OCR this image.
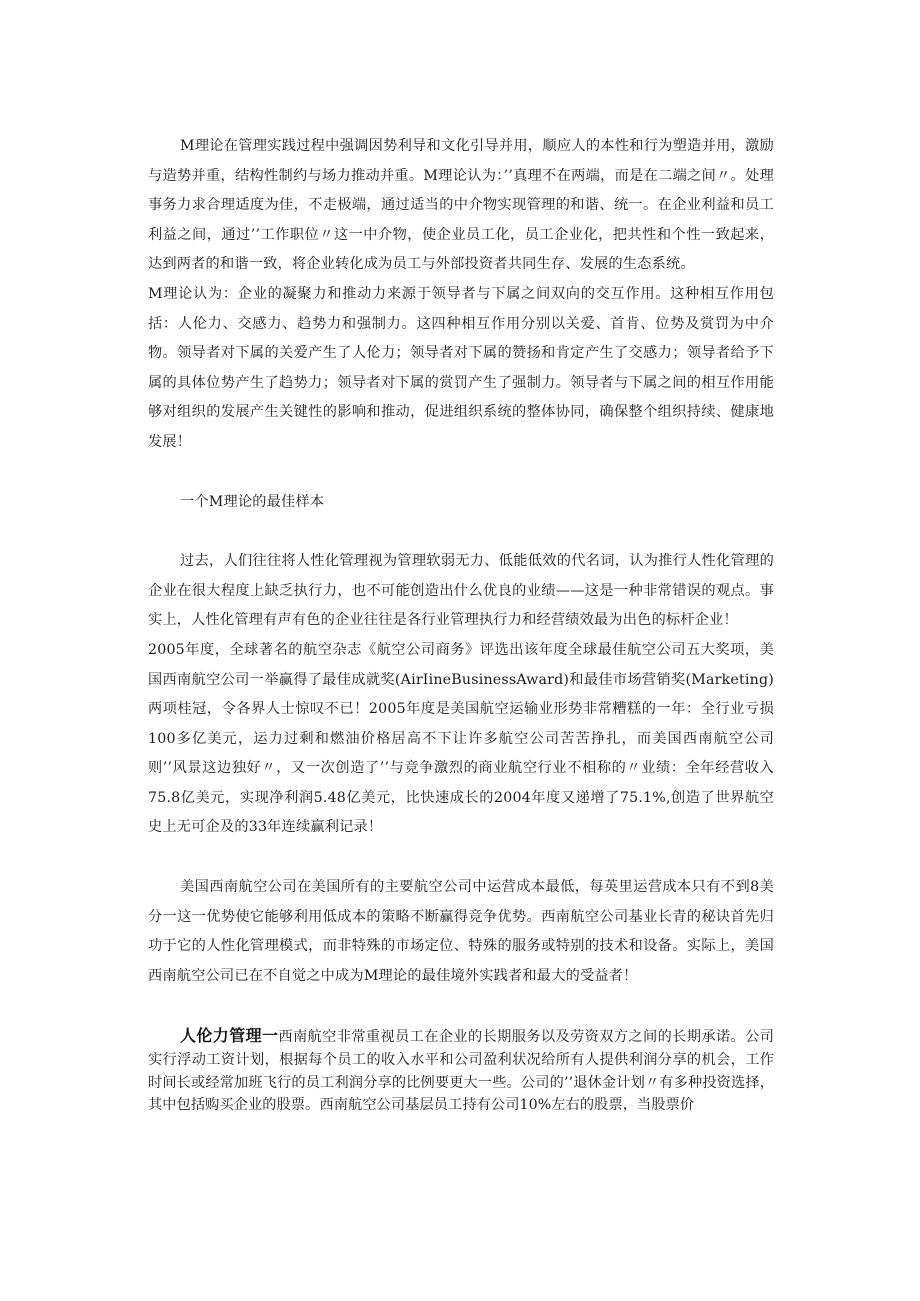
M理论在管理实践过程中强调因势利导和文化引导并用，顺应人的本性和行为塑造并用，激励与造势并重，结构性制约与场力推动并重。M理论认为：’’真理不在两端，而是在二端之间〃。处理事务力求合理适度为佳，不走极端，通过适当的中介物实现管理的和谐、统一。在企业利益和员工利益之间，通过’’工作职位〃这一中介物，使企业员工化，员工企业化，把共性和个性一致起来，达到两者的和谐一致，将企业转化成为员工与外部投资者共同生存、发展的生态系统。

M理论认为：企业的凝聚力和推动力来源于领导者与下属之间双向的交互作用。这种相互作用包括：人伦力、交感力、趋势力和强制力。这四种相互作用分别以关爱、首肯、位势及赏罚为中介物。领导者对下属的关爱产生了人伦力；领导者对下属的赞扬和肯定产生了交感力；领导者给予下属的具体位势产生了趋势力；领导者对下属的赏罚产生了强制力。领导者与下属之间的相互作用能够对组织的发展产生关键性的影响和推动，促进组织系统的整体协同，确保整个组织持续、健康地发展！

一个M理论的最佳样本

过去，人们往往将人性化管理视为管理软弱无力、低能低效的代名词，认为推行人性化管理的企业在很大程度上缺乏执行力，也不可能创造出什么优良的业绩——这是一种非常错误的观点。事实上，人性化管理有声有色的企业往往是各行业管理执行力和经营绩效最为出色的标杆企业！

2005年度，全球著名的航空杂志《航空公司商务》评选出该年度全球最佳航空公司五大奖项，美国西南航空公司一举赢得了最佳成就奖(AirIineBusinessAward)和最佳市场营销奖(Marketing)两项桂冠，令各界人士惊叹不已！2005年度是美国航空运输业形势非常糟糕的一年：全行业亏损100多亿美元，运力过剩和燃油价格居高不下让许多航空公司苦苦挣扎，而美国西南航空公司则’’风景这边独好〃，又一次创造了’’与竞争激烈的商业航空行业不相称的〃业绩：全年经营收入75.8亿美元，实现净利润5.48亿美元，比快速成长的2004年度又递增了75.1%,创造了世界航空史上无可企及的33年连续赢利记录！

美国西南航空公司在美国所有的主要航空公司中运营成本最低，每英里运营成本只有不到8美分一这一优势使它能够利用低成本的策略不断赢得竞争优势。西南航空公司基业长青的秘诀首先归功于它的人性化管理模式，而非特殊的市场定位、特殊的服务或特别的技术和设备。实际上，美国西南航空公司已在不自觉之中成为M理论的最佳境外实践者和最大的受益者！

人伦力管理一西南航空非常重视员工在企业的长期服务以及劳资双方之间的长期承诺。公司实行浮动工资计划，根据每个员工的收入水平和公司盈利状况给所有人提供利润分享的机会，工作时间长或经常加班飞行的员工利润分享的比例要更大一些。公司的’’退休金计划〃有多种投资选择，其中包括购买企业的股票。西南航空公司基层员工持有公司10%左右的股票，当股票价
